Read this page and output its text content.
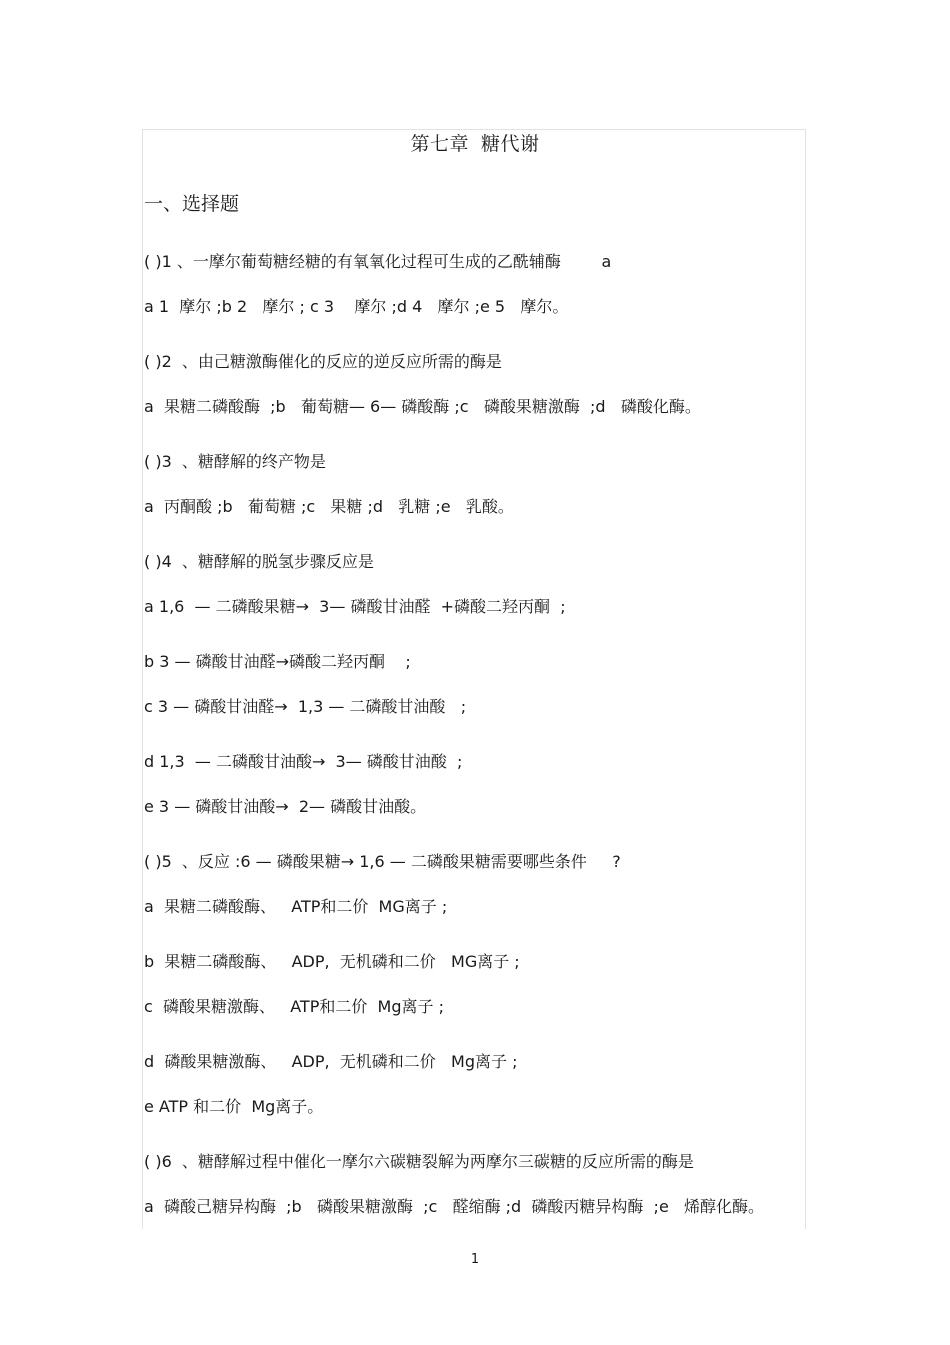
第七章 糖代谢
一、选择题
( )1 、一摩尔葡萄糖经糖的有氧氧化过程可生成的乙酰辅酶        a
a 1  摩尔 ;b 2   摩尔 ; c 3    摩尔 ;d 4   摩尔 ;e 5   摩尔。
( )2  、由己糖激酶催化的反应的逆反应所需的酶是
a  果糖二磷酸酶  ;b   葡萄糖— 6— 磷酸酶 ;c   磷酸果糖激酶  ;d   磷酸化酶。
( )3  、糖酵解的终产物是
a  丙酮酸 ;b   葡萄糖 ;c   果糖 ;d   乳糖 ;e   乳酸。
( )4  、糖酵解的脱氢步骤反应是
a 1,6  — 二磷酸果糖→  3— 磷酸甘油醛  +磷酸二羟丙酮  ;
b 3 — 磷酸甘油醛→磷酸二羟丙酮    ;
c 3 — 磷酸甘油醛→  1,3 — 二磷酸甘油酸   ;
d 1,3  — 二磷酸甘油酸→  3— 磷酸甘油酸  ;
e 3 — 磷酸甘油酸→  2— 磷酸甘油酸。
( )5  、反应 :6 — 磷酸果糖→ 1,6 — 二磷酸果糖需要哪些条件     ?
a  果糖二磷酸酶、   ATP和二价  MG离子 ;
b  果糖二磷酸酶、   ADP,  无机磷和二价   MG离子 ;
c  磷酸果糖激酶、   ATP和二价  Mg离子 ;
d  磷酸果糖激酶、   ADP,  无机磷和二价   Mg离子 ;
e ATP 和二价  Mg离子。
( )6  、糖酵解过程中催化一摩尔六碳糖裂解为两摩尔三碳糖的反应所需的酶是
a  磷酸己糖异构酶  ;b   磷酸果糖激酶  ;c   醛缩酶 ;d  磷酸丙糖异构酶  ;e   烯醇化酶。
1
